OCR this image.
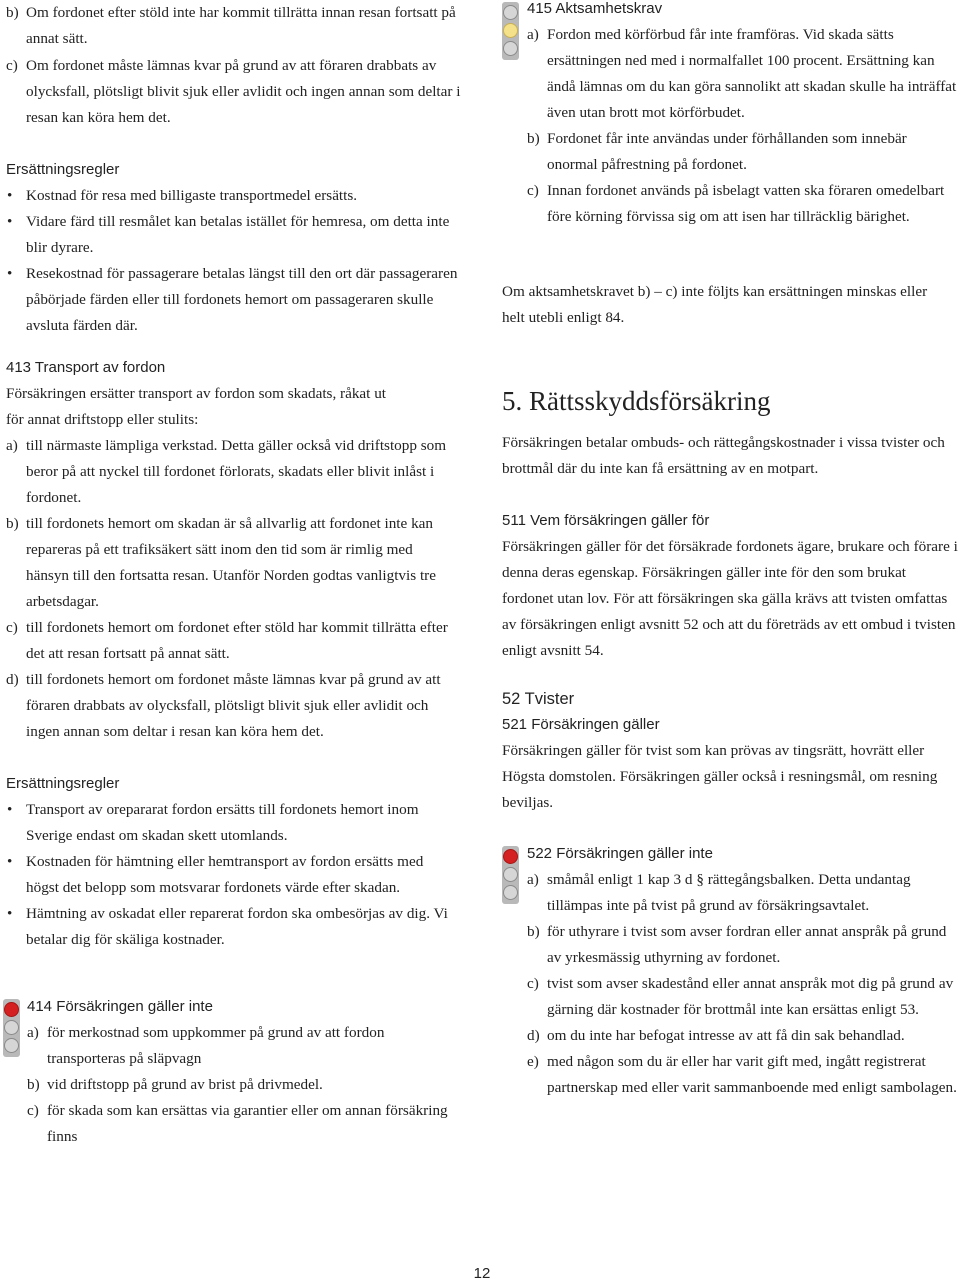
b) Om fordonet efter stöld inte har kommit tillrätta innan resan fortsatt på annat sätt.
c) Om fordonet måste lämnas kvar på grund av att föraren drabbats av olycksfall, plötsligt blivit sjuk eller avlidit och ingen annan som deltar i resan kan köra hem det.
Ersättningsregler
• Kostnad för resa med billigaste transportmedel ersätts.
• Vidare färd till resmålet kan betalas istället för hemresa, om detta inte blir dyrare.
• Resekostnad för passagerare betalas längst till den ort där passageraren påbörjade färden eller till fordonets hemort om passageraren skulle avsluta färden där.
413 Transport av fordon
Försäkringen ersätter transport av fordon som skadats, råkat ut för annat driftstopp eller stulits:
a) till närmaste lämpliga verkstad. Detta gäller också vid driftstopp som beror på att nyckel till fordonet förlorats, skadats eller blivit inlåst i fordonet.
b) till fordonets hemort om skadan är så allvarlig att fordonet inte kan repareras på ett trafiksäkert sätt inom den tid som är rimlig med hänsyn till den fortsatta resan. Utanför Norden godtas vanligtvis tre arbetsdagar.
c) till fordonets hemort om fordonet efter stöld har kommit tillrätta efter det att resan fortsatt på annat sätt.
d) till fordonets hemort om fordonet måste lämnas kvar på grund av att föraren drabbats av olycksfall, plötsligt blivit sjuk eller avlidit och ingen annan som deltar i resan kan köra hem det.
Ersättningsregler
• Transport av orepararat fordon ersätts till fordonets hemort inom Sverige endast om skadan skett utomlands.
• Kostnaden för hämtning eller hemtransport av fordon ersätts med högst det belopp som motsvarar fordonets värde efter skadan.
• Hämtning av oskadat eller reparerat fordon ska ombesörjas av dig. Vi betalar dig för skäliga kostnader.
414 Försäkringen gäller inte
a) för merkostnad som uppkommer på grund av att fordon transporteras på släpvagn
b) vid driftstopp på grund av brist på drivmedel.
c) för skada som kan ersättas via garantier eller om annan försäkring finns
415 Aktsamhetskrav
a) Fordon med körförbud får inte framföras. Vid skada sätts ersättningen ned med i normalfallet 100 procent. Ersättning kan ändå lämnas om du kan göra sannolikt att skadan skulle ha inträffat även utan brott mot körförbudet.
b) Fordonet får inte användas under förhållanden som innebär onormal påfrestning på fordonet.
c) Innan fordonet används på isbelagt vatten ska föraren omedelbart före körning förvissa sig om att isen har tillräcklig bärighet.
Om aktsamhetskravet b) – c) inte följts kan ersättningen minskas eller helt utebli enligt 84.
5. Rättsskyddsförsäkring
Försäkringen betalar ombuds- och rättegångskostnader i vissa tvister och brottmål där du inte kan få ersättning av en motpart.
511 Vem försäkringen gäller för
Försäkringen gäller för det försäkrade fordonets ägare, brukare och förare i denna deras egenskap. Försäkringen gäller inte för den som brukat fordonet utan lov. För att försäkringen ska gälla krävs att tvisten omfattas av försäkringen enligt avsnitt 52 och att du företräds av ett ombud i tvisten enligt avsnitt 54.
52 Tvister
521 Försäkringen gäller
Försäkringen gäller för tvist som kan prövas av tingsrätt, hovrätt eller Högsta domstolen. Försäkringen gäller också i resningsmål, om resning beviljas.
522 Försäkringen gäller inte
a) småmål enligt 1 kap 3 d § rättegångsbalken. Detta undantag tillämpas inte på tvist på grund av försäkringsavtalet.
b) för uthyrare i tvist som avser fordran eller annat anspråk på grund av yrkesmässig uthyrning av fordonet.
c) tvist som avser skadestånd eller annat anspråk mot dig på grund av gärning där kostnader för brottmål inte kan ersättas enligt 53.
d) om du inte har befogat intresse av att få din sak behandlad.
e) med någon som du är eller har varit gift med, ingått registrerat partnerskap med eller varit sammanboende med enligt sambolagen.
12
